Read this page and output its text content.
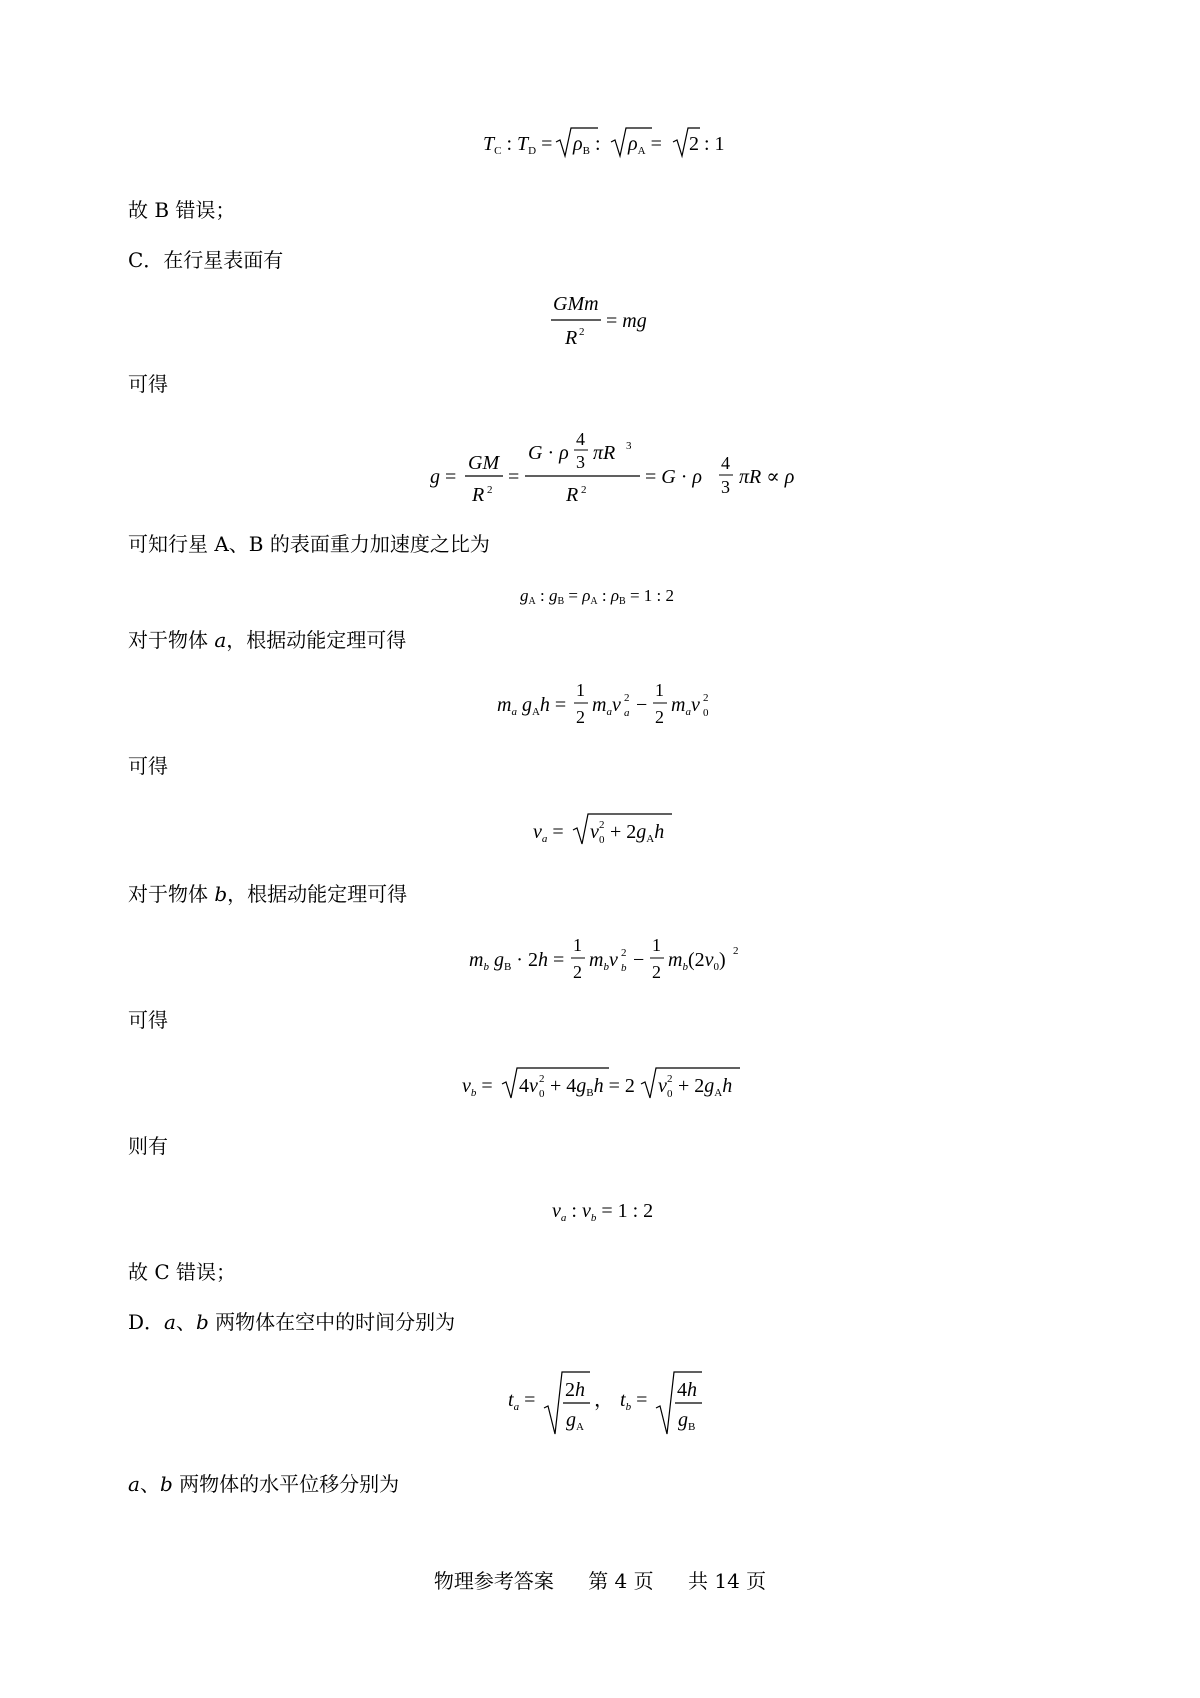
$T_C$ : $T_D = \rho_B$ : $\rho_A = 2$ : 1
故 B 错误；
C．在行星表面有
GMm
R 2 = mg
可得
g =
GM
R 2
=
G · ρ
4
3 πR 3
R 2
= G · ρ
4
3 πR ∝ ρ
可知行星 A、B 的表面重力加速度之比为
gA : gB = ρA : ρB = 1 : 2
对于物体 a，根据动能定理可得
$m_a$ $g_Ah$ =
1
2
$m_av$ 2
a −
1
2
$m_av$ 2
0
可得
$v_a = v$ 2
$0 + 2g_Ah$
对于物体 b，根据动能定理可得
$m_b$ $g_B \cdot 2h$ =
1
2
$m_bv$ 2
b −
1
2
$m_b(2v_0)$ 2
可得
$v_b = 4v$ 2
$0 + 4g_Bh = 2$ v 2
$0 + 2g_Ah$
则有
$v_a$ : $v_b = 1$ : 2
故 C 错误；
D．a、b 两物体在空中的时间分别为
$t_a = 2h$
g A
， $t_b = 4h$
g B
a、b 两物体的水平位移分别为
物理参考答案 第 4 页 共 14 页
